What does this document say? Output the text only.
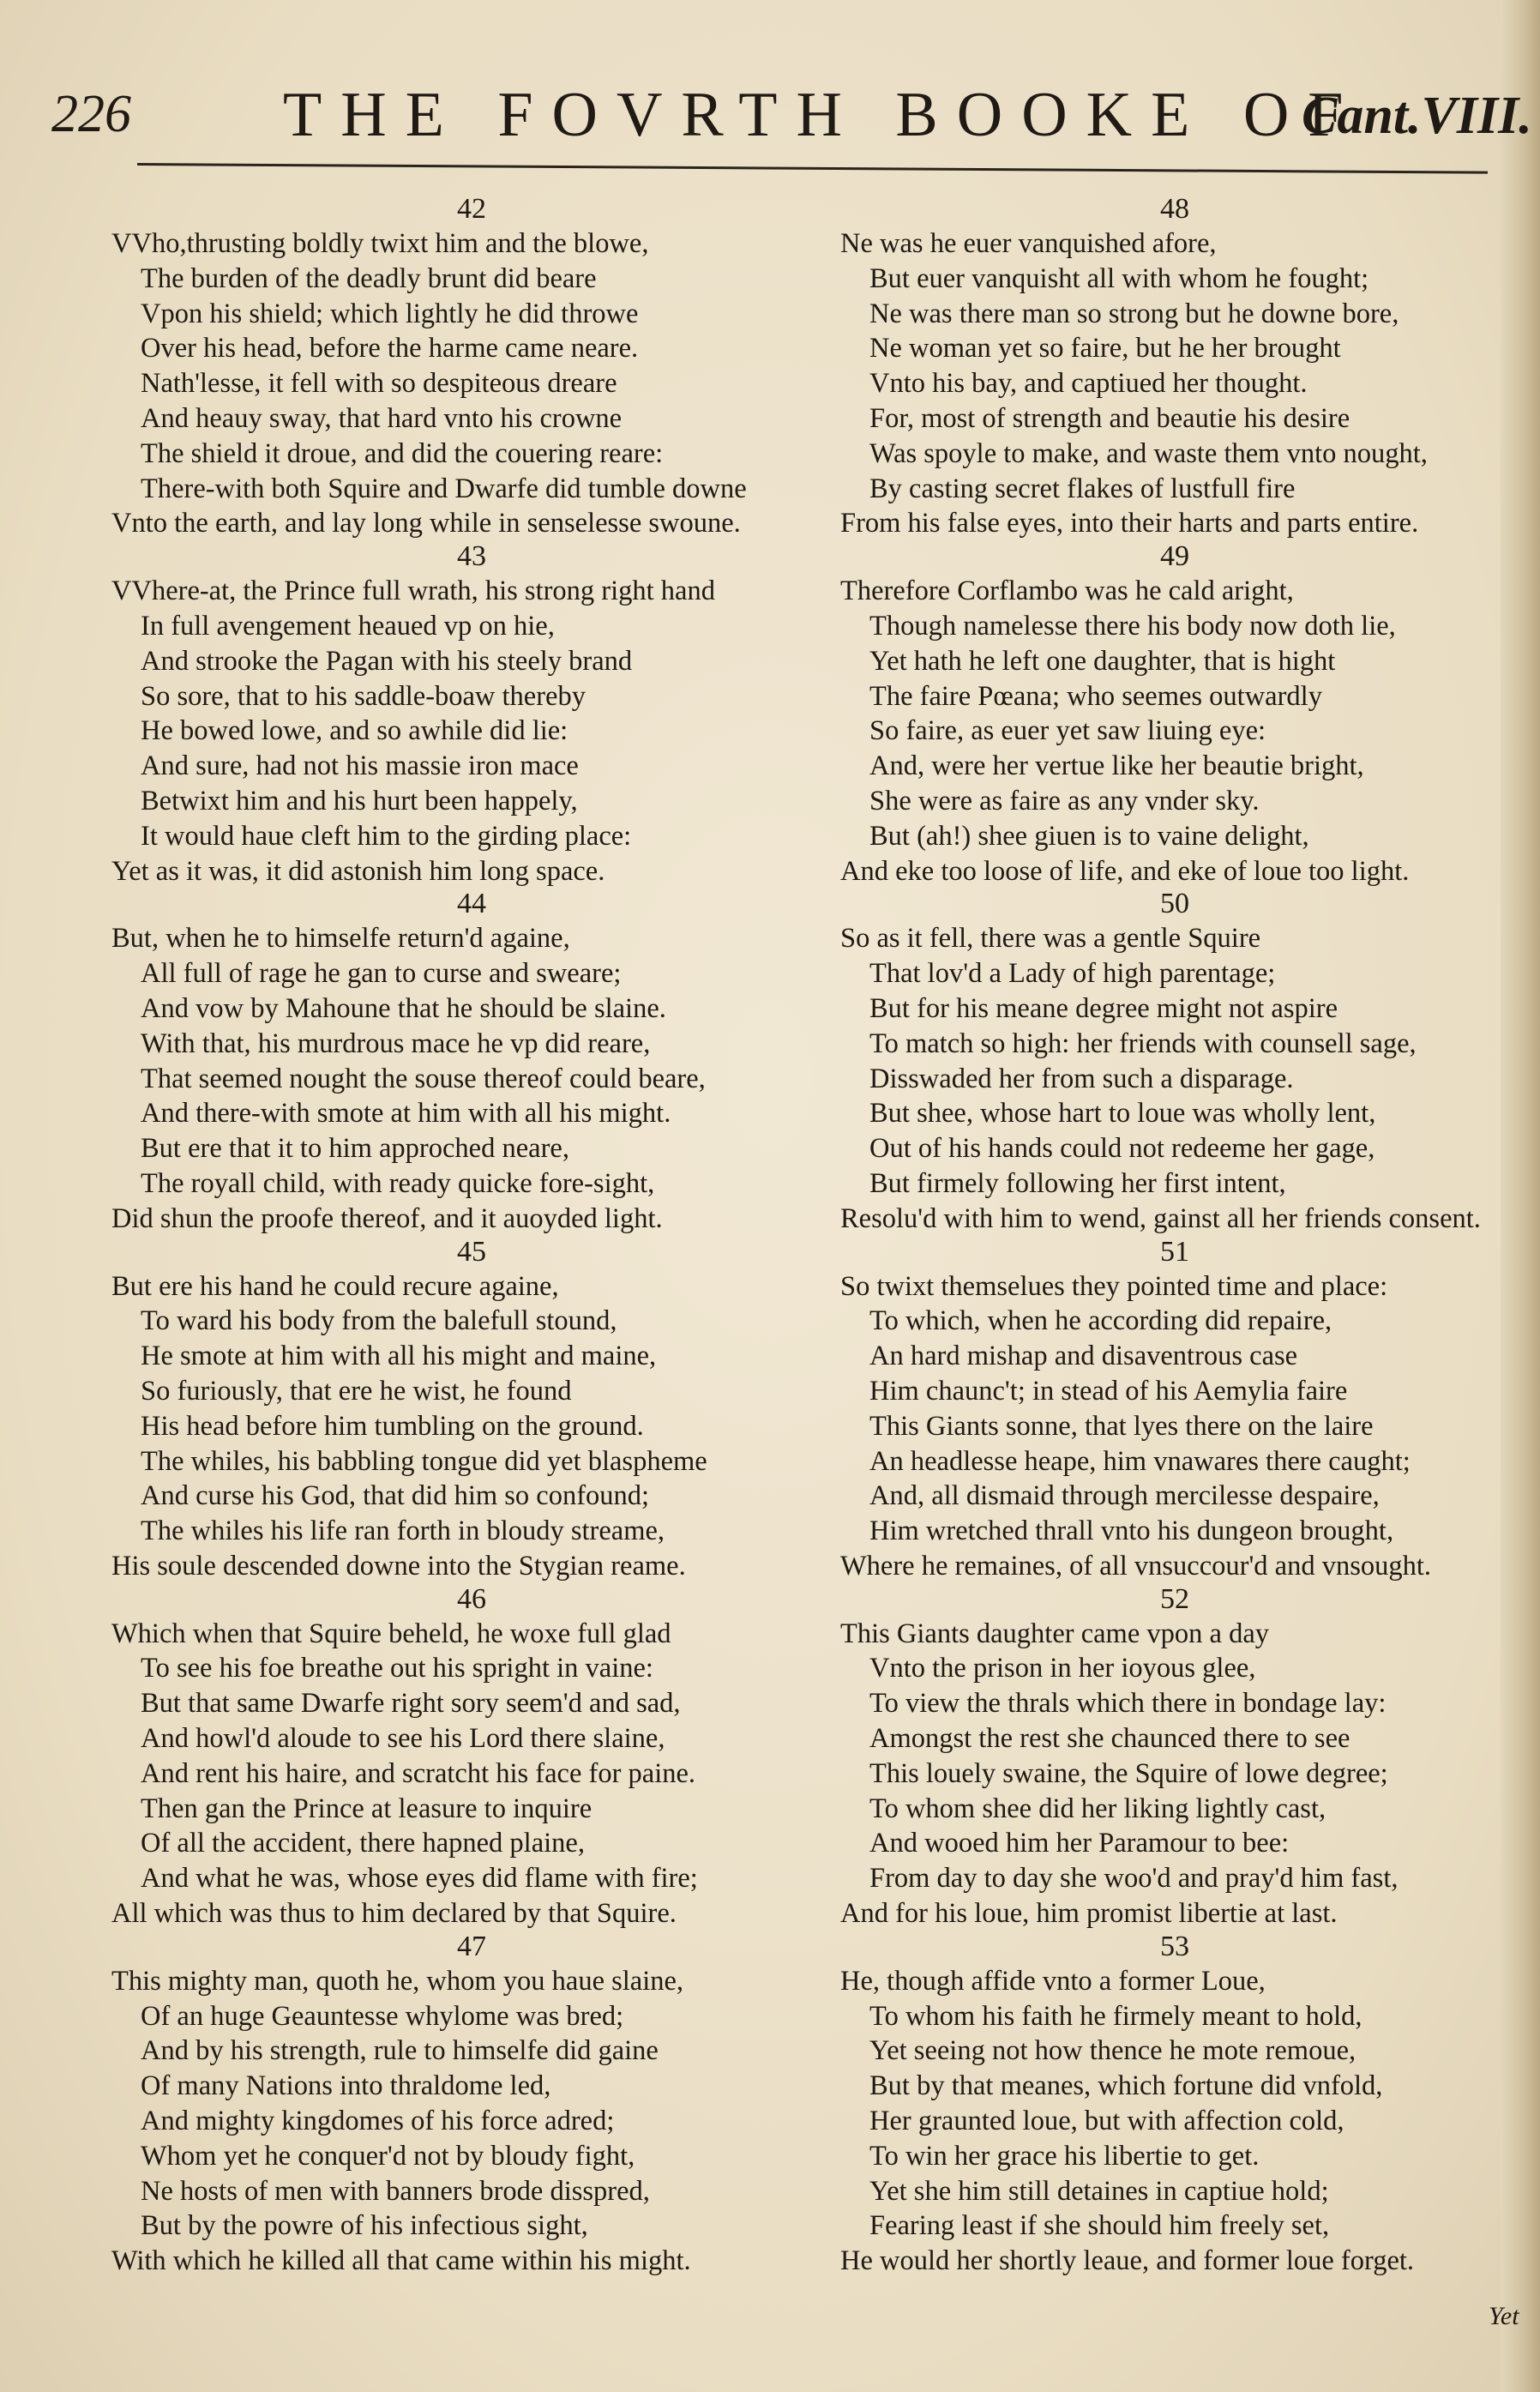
226 THE FOVRTH BOOKE OF
Cant.VIII.
42
VVho,thrusting boldly twixt him and the blowe,
The burden of the deadly brunt did beare
Vpon his shield; which lightly he did throwe
Over his head, before the harme came neare.
Nath'lesse, it fell with so despiteous dreare
And heauy sway, that hard vnto his crowne
The shield it droue, and did the couering reare:
There-with both Squire and Dwarfe did tumble downe
Vnto the earth, and lay long while in senselesse swoune.
43
VVhere-at, the Prince full wrath, his strong right hand
In full avengement heaued vp on hie,
And strooke the Pagan with his steely brand
So sore, that to his saddle-boaw thereby
He bowed lowe, and so awhile did lie:
And sure, had not his massie iron mace
Betwixt him and his hurt been happely,
It would haue cleft him to the girding place:
Yet as it was, it did astonish him long space.
44
But, when he to himselfe return'd againe,
All full of rage he gan to curse and sweare;
And vow by Mahoune that he should be slaine.
With that, his murdrous mace he vp did reare,
That seemed nought the souse thereof could beare,
And there-with smote at him with all his might.
But ere that it to him approched neare,
The royall child, with ready quicke fore-sight,
Did shun the proofe thereof, and it auoyded light.
45
But ere his hand he could recure againe,
To ward his body from the balefull stound,
He smote at him with all his might and maine,
So furiously, that ere he wist, he found
His head before him tumbling on the ground.
The whiles, his babbling tongue did yet blaspheme
And curse his God, that did him so confound;
The whiles his life ran forth in bloudy streame,
His soule descended downe into the Stygian reame.
46
Which when that Squire beheld, he woxe full glad
To see his foe breathe out his spright in vaine:
But that same Dwarfe right sory seem'd and sad,
And howl'd aloude to see his Lord there slaine,
And rent his haire, and scratcht his face for paine.
Then gan the Prince at leasure to inquire
Of all the accident, there hapned plaine,
And what he was, whose eyes did flame with fire;
All which was thus to him declared by that Squire.
47
This mighty man, quoth he, whom you haue slaine,
Of an huge Geauntesse whylome was bred;
And by his strength, rule to himselfe did gaine
Of many Nations into thraldome led,
And mighty kingdomes of his force adred;
Whom yet he conquer'd not by bloudy fight,
Ne hosts of men with banners brode disspred,
But by the powre of his infectious sight,
With which he killed all that came within his might.
48
Ne was he euer vanquished afore,
But euer vanquisht all with whom he fought;
Ne was there man so strong but he downe bore,
Ne woman yet so faire, but he her brought
Vnto his bay, and captiued her thought.
For, most of strength and beautie his desire
Was spoyle to make, and waste them vnto nought,
By casting secret flakes of lustfull fire
From his false eyes, into their harts and parts entire.
49
Therefore Corflambo was he cald aright,
Though namelesse there his body now doth lie,
Yet hath he left one daughter, that is hight
The faire Pœana; who seemes outwardly
So faire, as euer yet saw liuing eye:
And, were her vertue like her beautie bright,
She were as faire as any vnder sky.
But (ah!) shee giuen is to vaine delight,
And eke too loose of life, and eke of loue too light.
50
So as it fell, there was a gentle Squire
That lov'd a Lady of high parentage;
But for his meane degree might not aspire
To match so high: her friends with counsell sage,
Disswaded her from such a disparage.
But shee, whose hart to loue was wholly lent,
Out of his hands could not redeeme her gage,
But firmely following her first intent,
Resolu'd with him to wend, gainst all her friends consent.
51
So twixt themselues they pointed time and place:
To which, when he according did repaire,
An hard mishap and disaventrous case
Him chaunc't; in stead of his Aemylia faire
This Giants sonne, that lyes there on the laire
An headlesse heape, him vnawares there caught;
And, all dismaid through mercilesse despaire,
Him wretched thrall vnto his dungeon brought,
Where he remaines, of all vnsuccour'd and vnsought.
52
This Giants daughter came vpon a day
Vnto the prison in her ioyous glee,
To view the thrals which there in bondage lay:
Amongst the rest she chaunced there to see
This louely swaine, the Squire of lowe degree;
To whom shee did her liking lightly cast,
And wooed him her Paramour to bee:
From day to day she woo'd and pray'd him fast,
And for his loue, him promist libertie at last.
53
He, though affide vnto a former Loue,
To whom his faith he firmely meant to hold,
Yet seeing not how thence he mote remoue,
But by that meanes, which fortune did vnfold,
Her graunted loue, but with affection cold,
To win her grace his libertie to get.
Yet she him still detaines in captiue hold;
Fearing least if she should him freely set,
He would her shortly leaue, and former loue forget.
Yet
